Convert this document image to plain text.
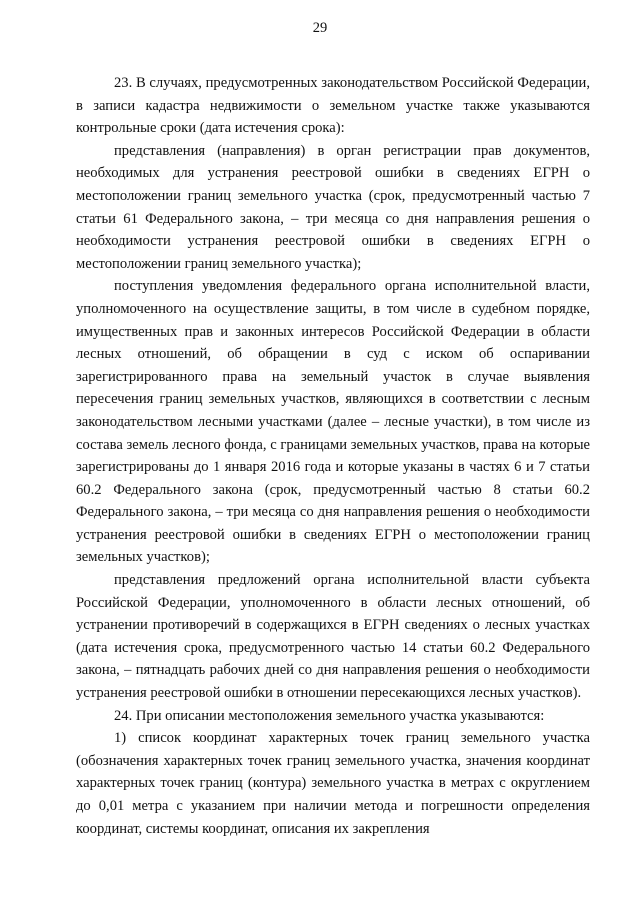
29

23. В случаях, предусмотренных законодательством Российской Федерации, в записи кадастра недвижимости о земельном участке также указываются контрольные сроки (дата истечения срока):

представления (направления) в орган регистрации прав документов, необходимых для устранения реестровой ошибки в сведениях ЕГРН о местоположении границ земельного участка (срок, предусмотренный частью 7 статьи 61 Федерального закона, – три месяца со дня направления решения о необходимости устранения реестровой ошибки в сведениях ЕГРН о местоположении границ земельного участка);

поступления уведомления федерального органа исполнительной власти, уполномоченного на осуществление защиты, в том числе в судебном порядке, имущественных прав и законных интересов Российской Федерации в области лесных отношений, об обращении в суд с иском об оспаривании зарегистрированного права на земельный участок в случае выявления пересечения границ земельных участков, являющихся в соответствии с лесным законодательством лесными участками (далее – лесные участки), в том числе из состава земель лесного фонда, с границами земельных участков, права на которые зарегистрированы до 1 января 2016 года и которые указаны в частях 6 и 7 статьи 60.2 Федерального закона (срок, предусмотренный частью 8 статьи 60.2 Федерального закона, – три месяца со дня направления решения о необходимости устранения реестровой ошибки в сведениях ЕГРН о местоположении границ земельных участков);

представления предложений органа исполнительной власти субъекта Российской Федерации, уполномоченного в области лесных отношений, об устранении противоречий в содержащихся в ЕГРН сведениях о лесных участках (дата истечения срока, предусмотренного частью 14 статьи 60.2 Федерального закона, – пятнадцать рабочих дней со дня направления решения о необходимости устранения реестровой ошибки в отношении пересекающихся лесных участков).

24. При описании местоположения земельного участка указываются:

1) список координат характерных точек границ земельного участка (обозначения характерных точек границ земельного участка, значения координат характерных точек границ (контура) земельного участка в метрах с округлением до 0,01 метра с указанием при наличии метода и погрешности определения координат, системы координат, описания их закрепления
